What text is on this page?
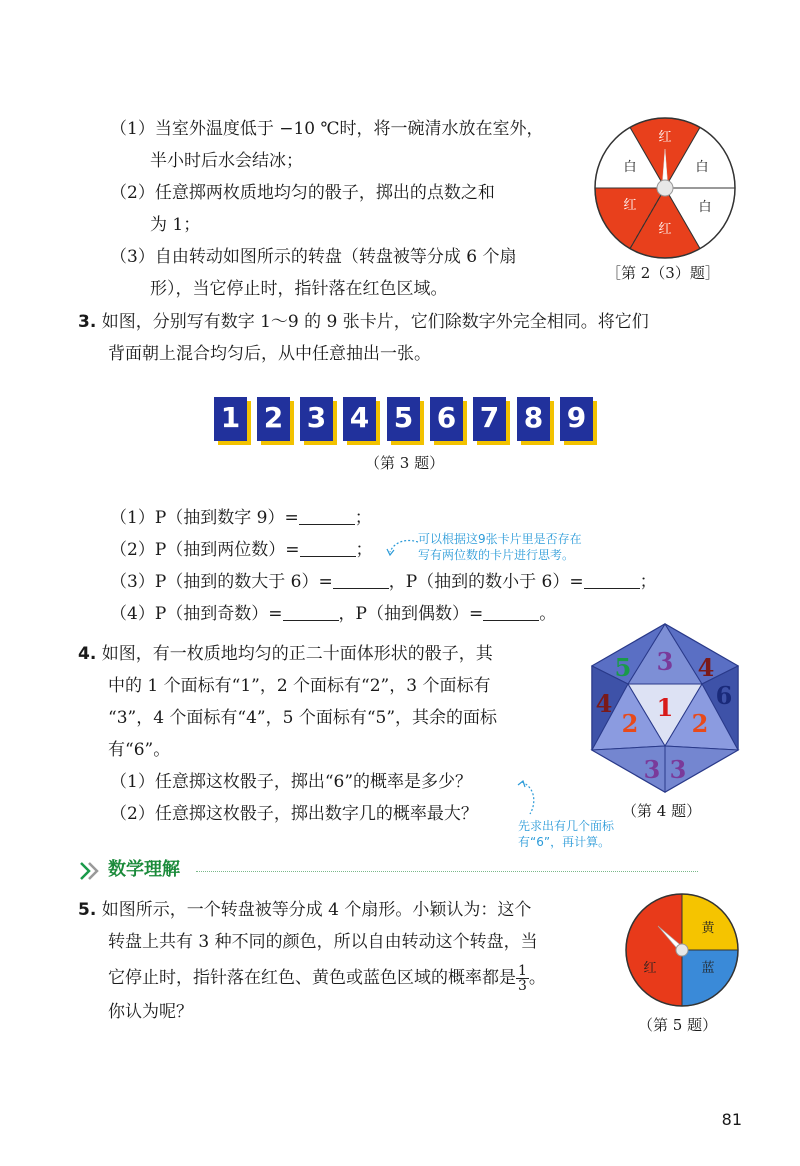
（1）当室外温度低于 −10 ℃时，将一碗清水放在室外，
半小时后水会结冰；
（2）任意掷两枚质地均匀的骰子，掷出的点数之和
为 1；
（3）自由转动如图所示的转盘（转盘被等分成 6 个扇
形），当它停止时，指针落在红色区域。
红
白
白
红
红
白
［第 2（3）题］
3. 如图，分别写有数字 1～9 的 9 张卡片，它们除数字外完全相同。将它们
背面朝上混合均匀后，从中任意抽出一张。
1 2 3 4 5 6 7 8 9
（第 3 题）
（1）P（抽到数字 9）=	；
（2）P（抽到两位数）=	；
可以根据这9张卡片里是否存在
写有两位数的卡片进行思考。
（3）P（抽到的数大于 6）=	，P（抽到的数小于 6）=	；
（4）P（抽到奇数）=	，P（抽到偶数）=	。
4. 如图，有一枚质地均匀的正二十面体形状的骰子，其
中的 1 个面标有“1”，2 个面标有“2”，3 个面标有
“3”，4 个面标有“4”，5 个面标有“5”，其余的面标
有“6”。
（1）任意掷这枚骰子，掷出“6”的概率是多少？
（2）任意掷这枚骰子，掷出数字几的概率最大？
5 3 4
4	6
2
1
2
3 3
（第 4 题）
先求出有几个面标
有“6”，再计算。
数学理解
5. 如图所示，一个转盘被等分成 4 个扇形。小颖认为：这个
转盘上共有 3 种不同的颜色，所以自由转动这个转盘，当
它停止时，指针落在红色、黄色或蓝色区域的概率都是 $\frac{1}{3}$ 。
你认为呢？
黄
红	蓝
（第 5 题）
81
